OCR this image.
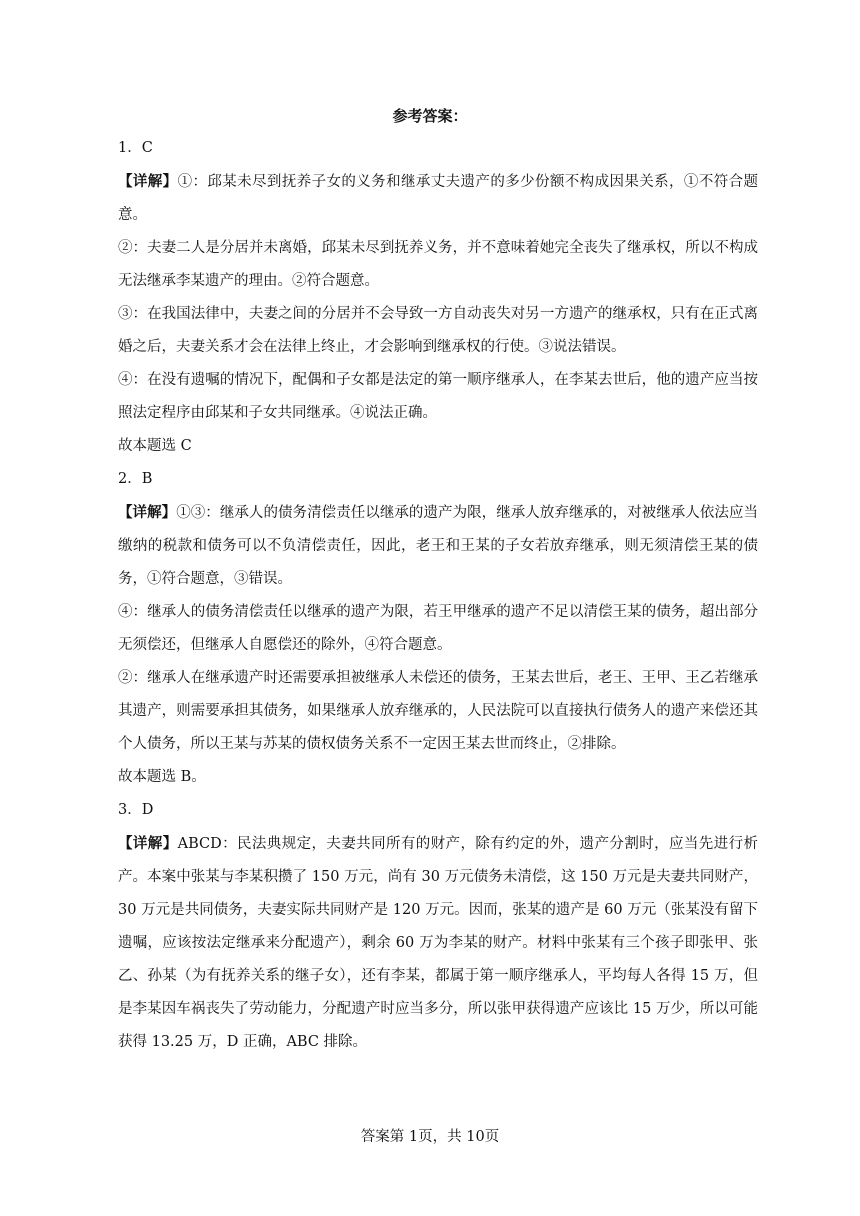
参考答案：
1．C
【详解】①：邱某未尽到抚养子女的义务和继承丈夫遗产的多少份额不构成因果关系，①不符合题意。
②：夫妻二人是分居并未离婚，邱某未尽到抚养义务，并不意味着她完全丧失了继承权，所以不构成无法继承李某遗产的理由。②符合题意。
③：在我国法律中，夫妻之间的分居并不会导致一方自动丧失对另一方遗产的继承权，只有在正式离婚之后，夫妻关系才会在法律上终止，才会影响到继承权的行使。③说法错误。
④：在没有遗嘱的情况下，配偶和子女都是法定的第一顺序继承人，在李某去世后，他的遗产应当按照法定程序由邱某和子女共同继承。④说法正确。
故本题选 C
2．B
【详解】①③：继承人的债务清偿责任以继承的遗产为限，继承人放弃继承的，对被继承人依法应当缴纳的税款和债务可以不负清偿责任，因此，老王和王某的子女若放弃继承，则无须清偿王某的债务，①符合题意，③错误。
④：继承人的债务清偿责任以继承的遗产为限，若王甲继承的遗产不足以清偿王某的债务，超出部分无须偿还，但继承人自愿偿还的除外，④符合题意。
②：继承人在继承遗产时还需要承担被继承人未偿还的债务，王某去世后，老王、王甲、王乙若继承其遗产，则需要承担其债务，如果继承人放弃继承的，人民法院可以直接执行债务人的遗产来偿还其个人债务，所以王某与苏某的债权债务关系不一定因王某去世而终止，②排除。
故本题选 B。
3．D
【详解】ABCD：民法典规定，夫妻共同所有的财产，除有约定的外，遗产分割时，应当先进行析产。本案中张某与李某积攒了 150 万元，尚有 30 万元债务未清偿，这 150 万元是夫妻共同财产，30 万元是共同债务，夫妻实际共同财产是 120 万元。因而，张某的遗产是 60 万元（张某没有留下遗嘱，应该按法定继承来分配遗产），剩余 60 万为李某的财产。材料中张某有三个孩子即张甲、张乙、孙某（为有抚养关系的继子女），还有李某，都属于第一顺序继承人，平均每人各得 15 万，但是李某因车祸丧失了劳动能力，分配遗产时应当多分，所以张甲获得遗产应该比 15 万少，所以可能获得 13.25 万，D 正确，ABC 排除。
答案第 1页，共 10页
